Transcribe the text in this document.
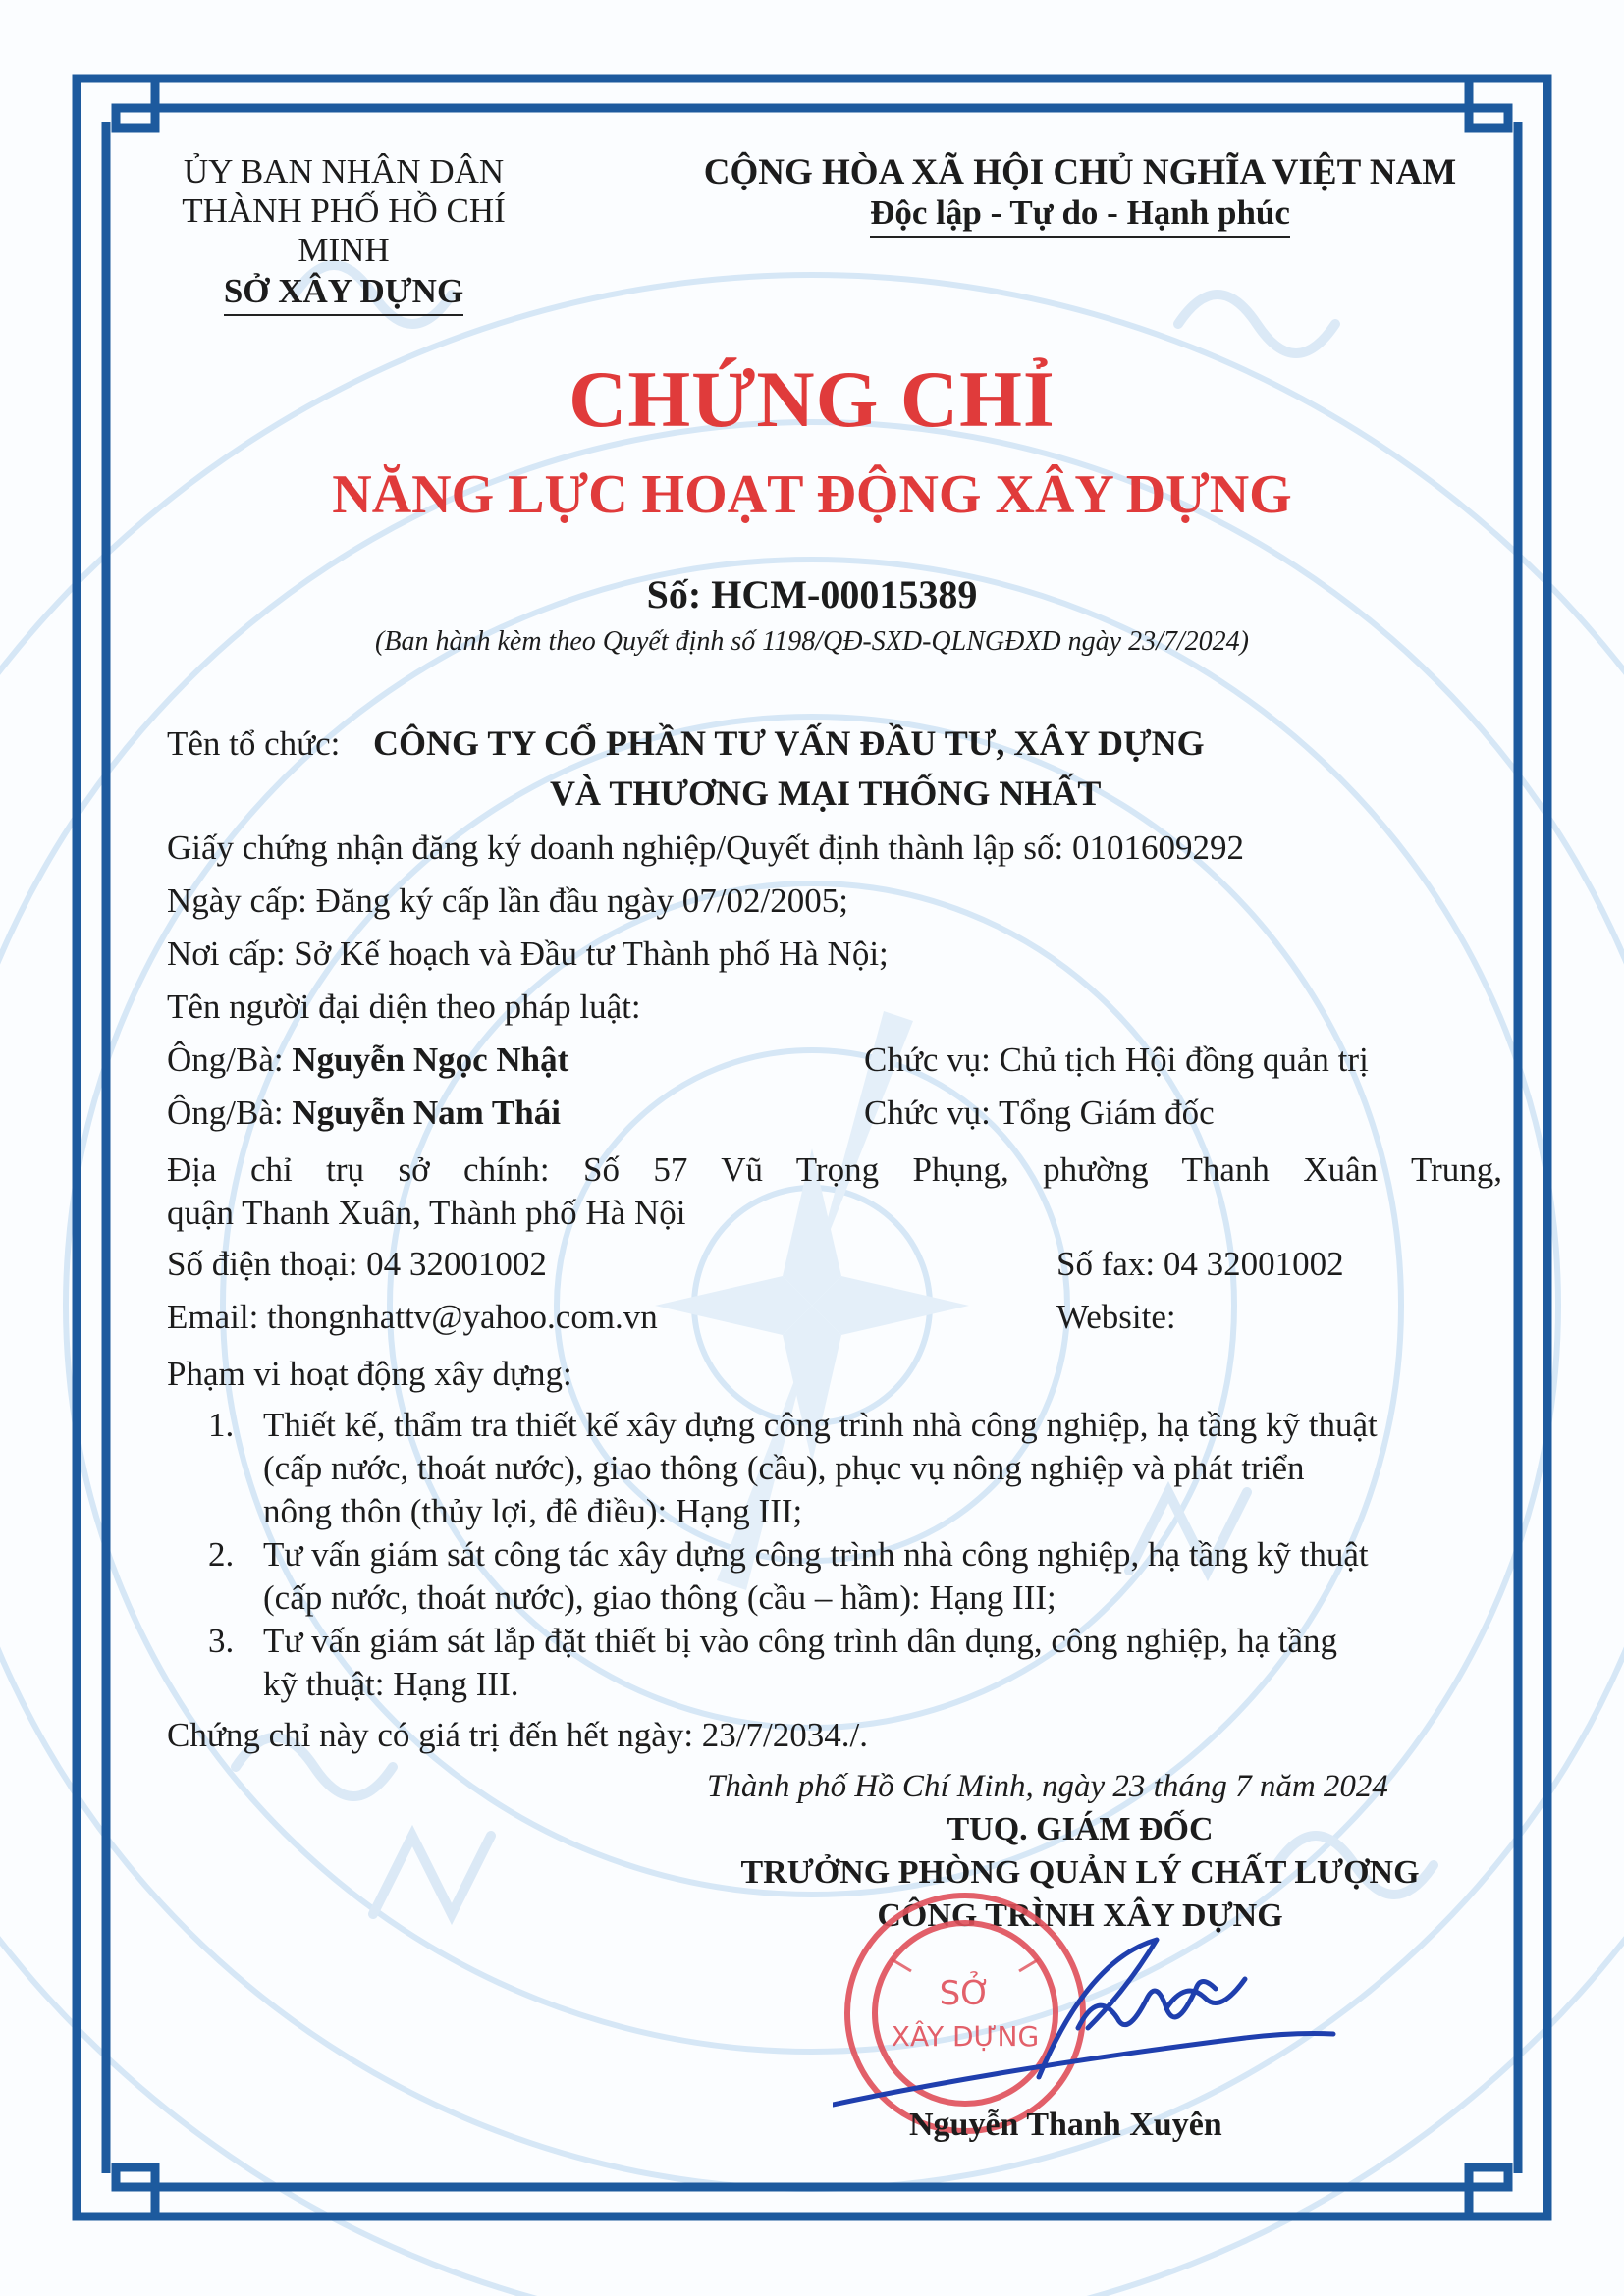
ỦY BAN NHÂN DÂN
THÀNH PHỐ HỒ CHÍ MINH
SỞ XÂY DỰNG
CỘNG HÒA XÃ HỘI CHỦ NGHĨA VIỆT NAM
Độc lập - Tự do - Hạnh phúc
CHỨNG CHỈ
NĂNG LỰC HOẠT ĐỘNG XÂY DỰNG
Số: HCM-00015389
(Ban hành kèm theo Quyết định số 1198/QĐ-SXD-QLNGĐXD ngày 23/7/2024)
Tên tổ chức: CÔNG TY CỔ PHẦN TƯ VẤN ĐẦU TƯ, XÂY DỰNG
VÀ THƯƠNG MẠI THỐNG NHẤT
Giấy chứng nhận đăng ký doanh nghiệp/Quyết định thành lập số: 0101609292
Ngày cấp: Đăng ký cấp lần đầu ngày 07/02/2005;
Nơi cấp: Sở Kế hoạch và Đầu tư Thành phố Hà Nội;
Tên người đại diện theo pháp luật:
Ông/Bà: Nguyễn Ngọc Nhật	Chức vụ: Chủ tịch Hội đồng quản trị
Ông/Bà: Nguyễn Nam Thái	Chức vụ: Tổng Giám đốc
Địa chỉ trụ sở chính: Số 57 Vũ Trọng Phụng, phường Thanh Xuân Trung,
quận Thanh Xuân, Thành phố Hà Nội
Số điện thoại: 04 32001002	Số fax: 04 32001002
Email: thongnhattv@yahoo.com.vn	Website:
Phạm vi hoạt động xây dựng:
1. Thiết kế, thẩm tra thiết kế xây dựng công trình nhà công nghiệp, hạ tầng kỹ thuật
(cấp nước, thoát nước), giao thông (cầu), phục vụ nông nghiệp và phát triển
nông thôn (thủy lợi, đê điều): Hạng III;
2. Tư vấn giám sát công tác xây dựng công trình nhà công nghiệp, hạ tầng kỹ thuật
(cấp nước, thoát nước), giao thông (cầu – hầm): Hạng III;
3. Tư vấn giám sát lắp đặt thiết bị vào công trình dân dụng, công nghiệp, hạ tầng
kỹ thuật: Hạng III.
Chứng chỉ này có giá trị đến hết ngày: 23/7/2034./.
Thành phố Hồ Chí Minh, ngày 23 tháng 7 năm 2024
TUQ. GIÁM ĐỐC
TRƯỞNG PHÒNG QUẢN LÝ CHẤT LƯỢNG
CÔNG TRÌNH XÂY DỰNG
SỞ
XÂY DỰNG
Nguyễn Thanh Xuyên
